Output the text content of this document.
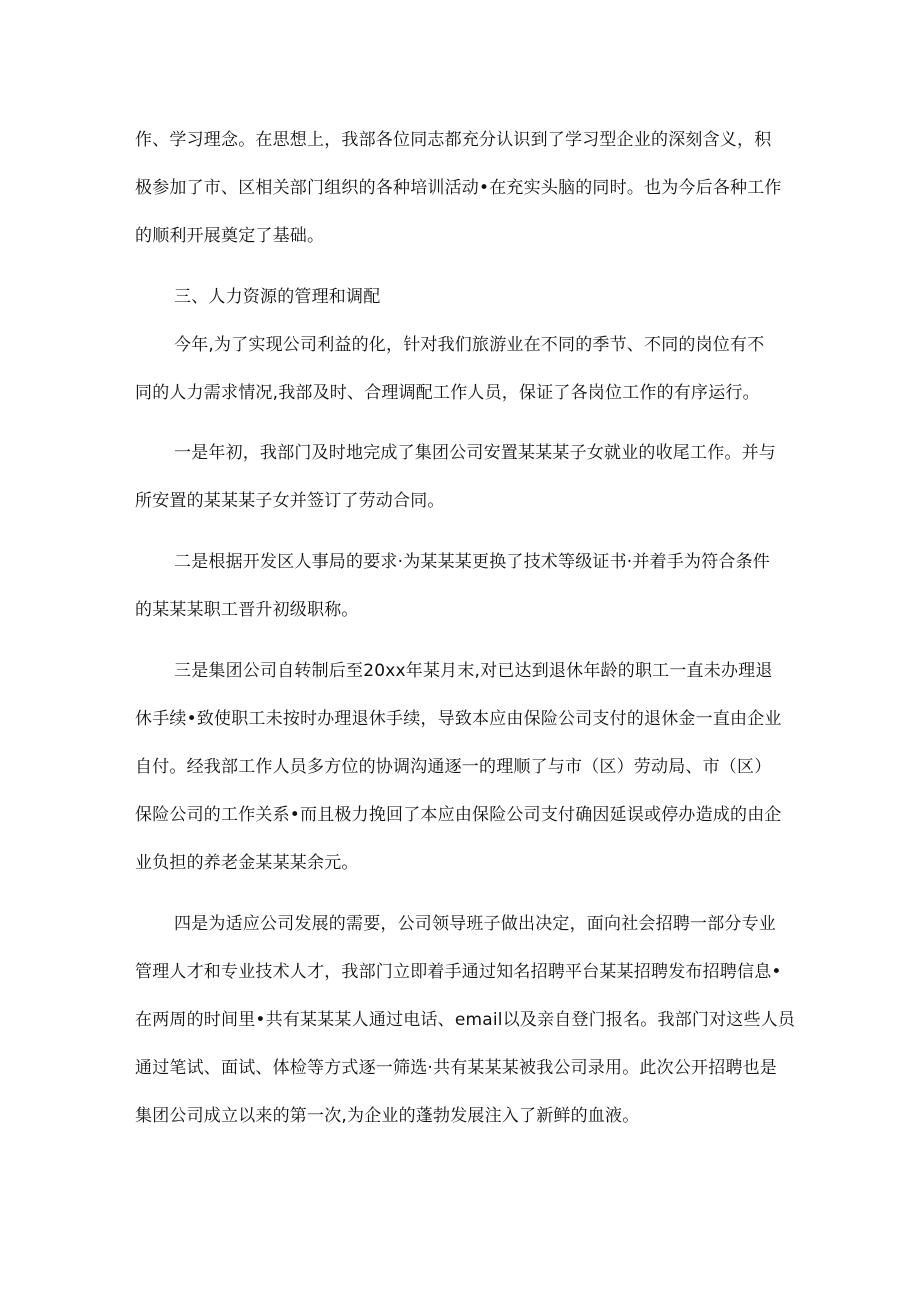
作、学习理念。在思想上，我部各位同志都充分认识到了学习型企业的深刻含义，积
极参加了市、区相关部门组织的各种培训活动•在充实头脑的同时。也为今后各种工作
的顺利开展奠定了基础。
三、人力资源的管理和调配
今年,为了实现公司利益的化，针对我们旅游业在不同的季节、不同的岗位有不
同的人力需求情况,我部及时、合理调配工作人员，保证了各岗位工作的有序运行。
一是年初，我部门及时地完成了集团公司安置某某某子女就业的收尾工作。并与
所安置的某某某子女并签订了劳动合同。
二是根据开发区人事局的要求·为某某某更换了技术等级证书·并着手为符合条件
的某某某职工晋升初级职称。
三是集团公司自转制后至20xx年某月末,对已达到退休年龄的职工一直未办理退
休手续•致使职工未按时办理退休手续，导致本应由保险公司支付的退休金一直由企业
自付。经我部工作人员多方位的协调沟通逐一的理顺了与市（区）劳动局、市（区）
保险公司的工作关系•而且极力挽回了本应由保险公司支付确因延误或停办造成的由企
业负担的养老金某某某余元。
四是为适应公司发展的需要，公司领导班子做出决定，面向社会招聘一部分专业
管理人才和专业技术人才，我部门立即着手通过知名招聘平台某某招聘发布招聘信息•
在两周的时间里•共有某某某人通过电话、email以及亲自登门报名。我部门对这些人员
通过笔试、面试、体检等方式逐一筛选·共有某某某被我公司录用。此次公开招聘也是
集团公司成立以来的第一次,为企业的蓬勃发展注入了新鲜的血液。
